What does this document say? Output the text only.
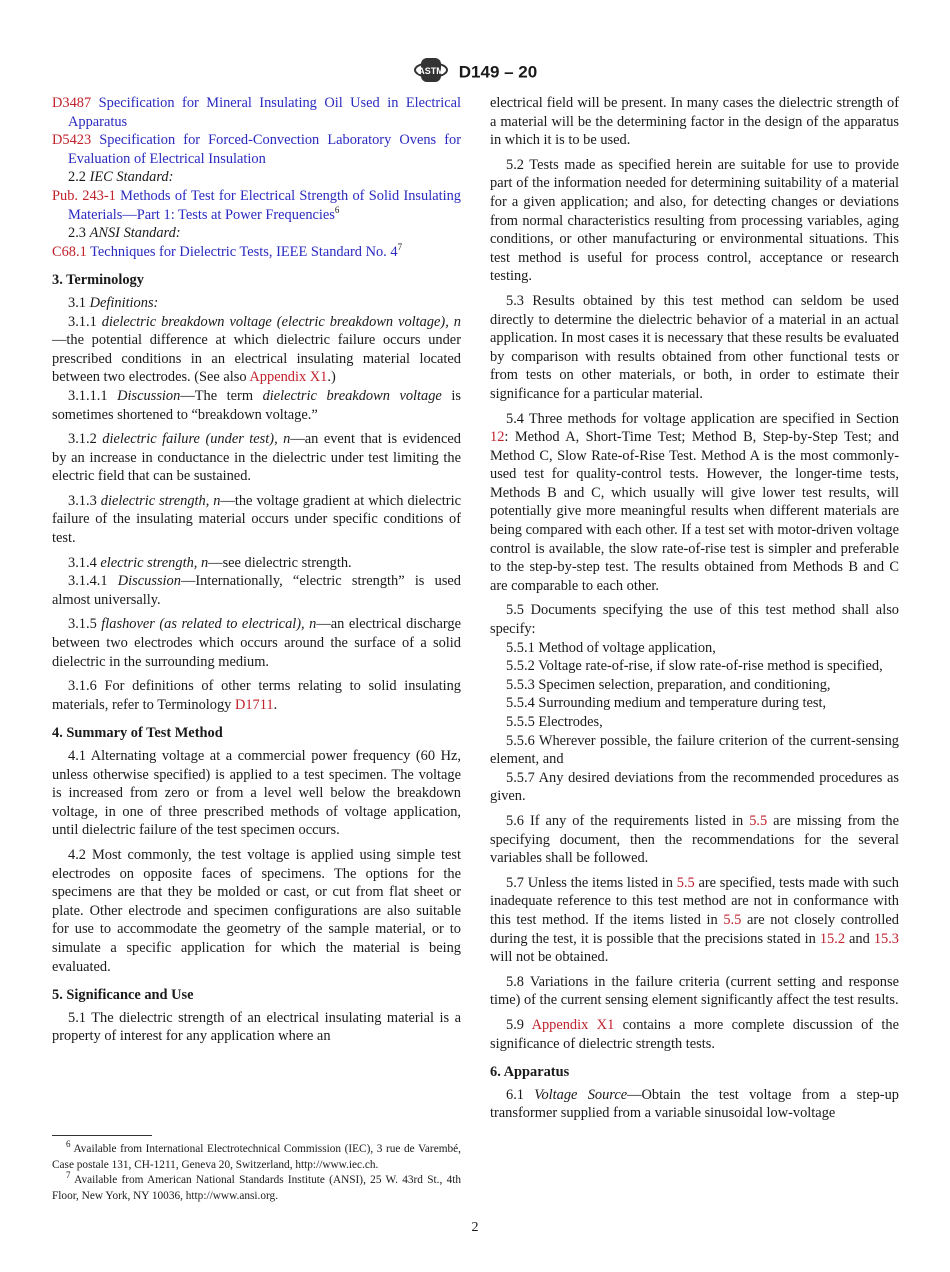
ASTM D149 – 20

D3487 Specification for Mineral Insulating Oil Used in Electrical Apparatus

D5423 Specification for Forced-Convection Laboratory Ovens for Evaluation of Electrical Insulation

2.2 IEC Standard:

Pub. 243-1 Methods of Test for Electrical Strength of Solid Insulating Materials—Part 1: Tests at Power Frequencies$^6$

2.3 ANSI Standard:

C68.1 Techniques for Dielectric Tests, IEEE Standard No. $4^7$

3. Terminology

3.1 Definitions:

3.1.1 dielectric breakdown voltage (electric breakdown voltage), n—the potential difference at which dielectric failure occurs under prescribed conditions in an electrical insulating material located between two electrodes. (See also Appendix X1.)

3.1.1.1 Discussion—The term dielectric breakdown voltage is sometimes shortened to “breakdown voltage.”

3.1.2 dielectric failure (under test), n—an event that is evidenced by an increase in conductance in the dielectric under test limiting the electric field that can be sustained.

3.1.3 dielectric strength, n—the voltage gradient at which dielectric failure of the insulating material occurs under specific conditions of test.

3.1.4 electric strength, n—see dielectric strength.

3.1.4.1 Discussion—Internationally, “electric strength” is used almost universally.

3.1.5 flashover (as related to electrical), n—an electrical discharge between two electrodes which occurs around the surface of a solid dielectric in the surrounding medium.

3.1.6 For definitions of other terms relating to solid insulating materials, refer to Terminology D1711.

4. Summary of Test Method

4.1 Alternating voltage at a commercial power frequency (60 Hz, unless otherwise specified) is applied to a test specimen. The voltage is increased from zero or from a level well below the breakdown voltage, in one of three prescribed methods of voltage application, until dielectric failure of the test specimen occurs.

4.2 Most commonly, the test voltage is applied using simple test electrodes on opposite faces of specimens. The options for the specimens are that they be molded or cast, or cut from flat sheet or plate. Other electrode and specimen configurations are also suitable for use to accommodate the geometry of the sample material, or to simulate a specific application for which the material is being evaluated.

5. Significance and Use

5.1 The dielectric strength of an electrical insulating material is a property of interest for any application where an

electrical field will be present. In many cases the dielectric strength of a material will be the determining factor in the design of the apparatus in which it is to be used.

5.2 Tests made as specified herein are suitable for use to provide part of the information needed for determining suitability of a material for a given application; and also, for detecting changes or deviations from normal characteristics resulting from processing variables, aging conditions, or other manufacturing or environmental situations. This test method is useful for process control, acceptance or research testing.

5.3 Results obtained by this test method can seldom be used directly to determine the dielectric behavior of a material in an actual application. In most cases it is necessary that these results be evaluated by comparison with results obtained from other functional tests or from tests on other materials, or both, in order to estimate their significance for a particular material.

5.4 Three methods for voltage application are specified in Section 12: Method A, Short-Time Test; Method B, Step-by-Step Test; and Method C, Slow Rate-of-Rise Test. Method A is the most commonly-used test for quality-control tests. However, the longer-time tests, Methods B and C, which usually will give lower test results, will potentially give more meaningful results when different materials are being compared with each other. If a test set with motor-driven voltage control is available, the slow rate-of-rise test is simpler and preferable to the step-by-step test. The results obtained from Methods B and C are comparable to each other.

5.5 Documents specifying the use of this test method shall also specify:

5.5.1 Method of voltage application,

5.5.2 Voltage rate-of-rise, if slow rate-of-rise method is specified,

5.5.3 Specimen selection, preparation, and conditioning,

5.5.4 Surrounding medium and temperature during test,

5.5.5 Electrodes,

5.5.6 Wherever possible, the failure criterion of the current-sensing element, and

5.5.7 Any desired deviations from the recommended procedures as given.

5.6 If any of the requirements listed in 5.5 are missing from the specifying document, then the recommendations for the several variables shall be followed.

5.7 Unless the items listed in 5.5 are specified, tests made with such inadequate reference to this test method are not in conformance with this test method. If the items listed in 5.5 are not closely controlled during the test, it is possible that the precisions stated in 15.2 and 15.3 will not be obtained.

5.8 Variations in the failure criteria (current setting and response time) of the current sensing element significantly affect the test results.

5.9 Appendix X1 contains a more complete discussion of the significance of dielectric strength tests.

6. Apparatus

6.1 Voltage Source—Obtain the test voltage from a step-up transformer supplied from a variable sinusoidal low-voltage

$^6$ Available from International Electrotechnical Commission (IEC), 3 rue de Varembé, Case postale 131, CH-1211, Geneva 20, Switzerland, http://www.iec.ch.

$^7$ Available from American National Standards Institute (ANSI), 25 W. 43rd St., 4th Floor, New York, NY 10036, http://www.ansi.org.

2
